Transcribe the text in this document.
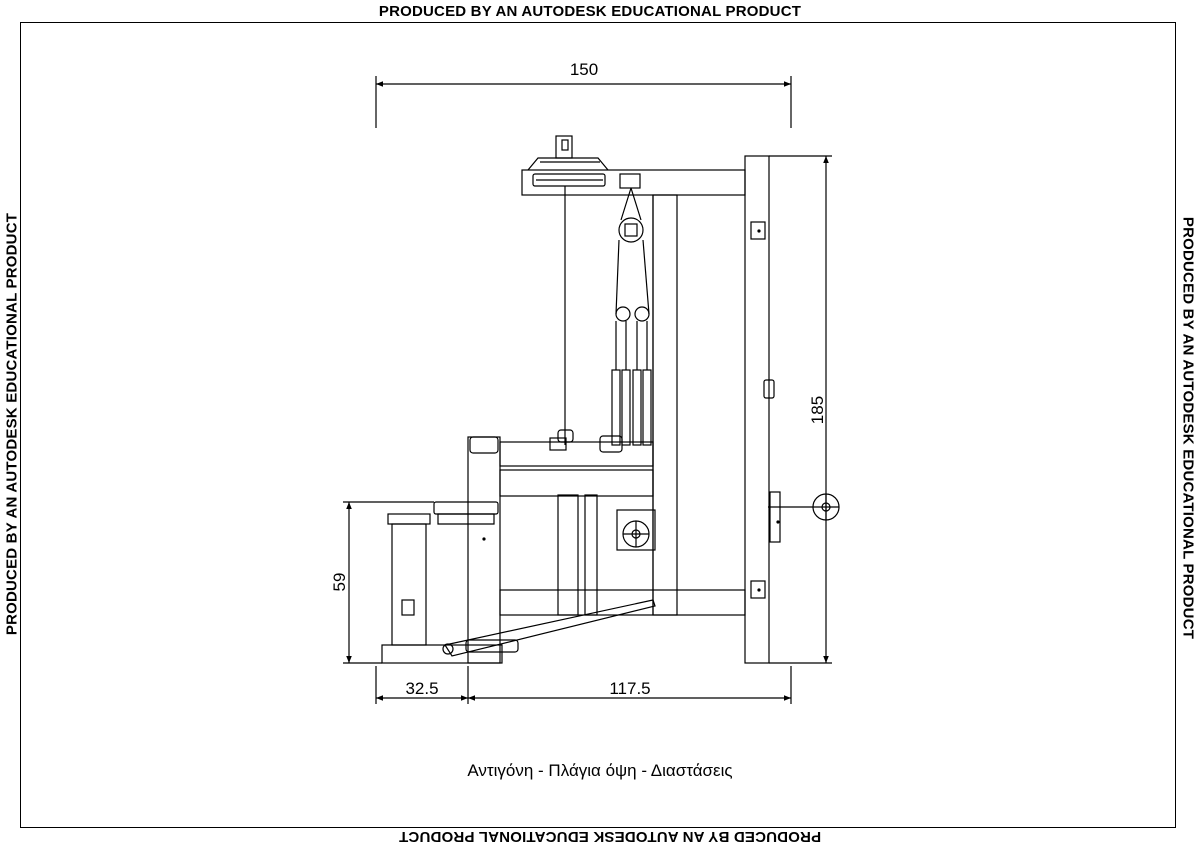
PRODUCED BY AN AUTODESK EDUCATIONAL PRODUCT
PRODUCED BY AN AUTODESK EDUCATIONAL PRODUCT
PRODUCED BY AN AUTODESK EDUCATIONAL PRODUCT	PRODUCED BY AN AUTODESK EDUCATIONAL PRODUCT
150
185
59
32.5	117.5
Αντιγόνη - Πλάγια όψη - Διαστάσεις
